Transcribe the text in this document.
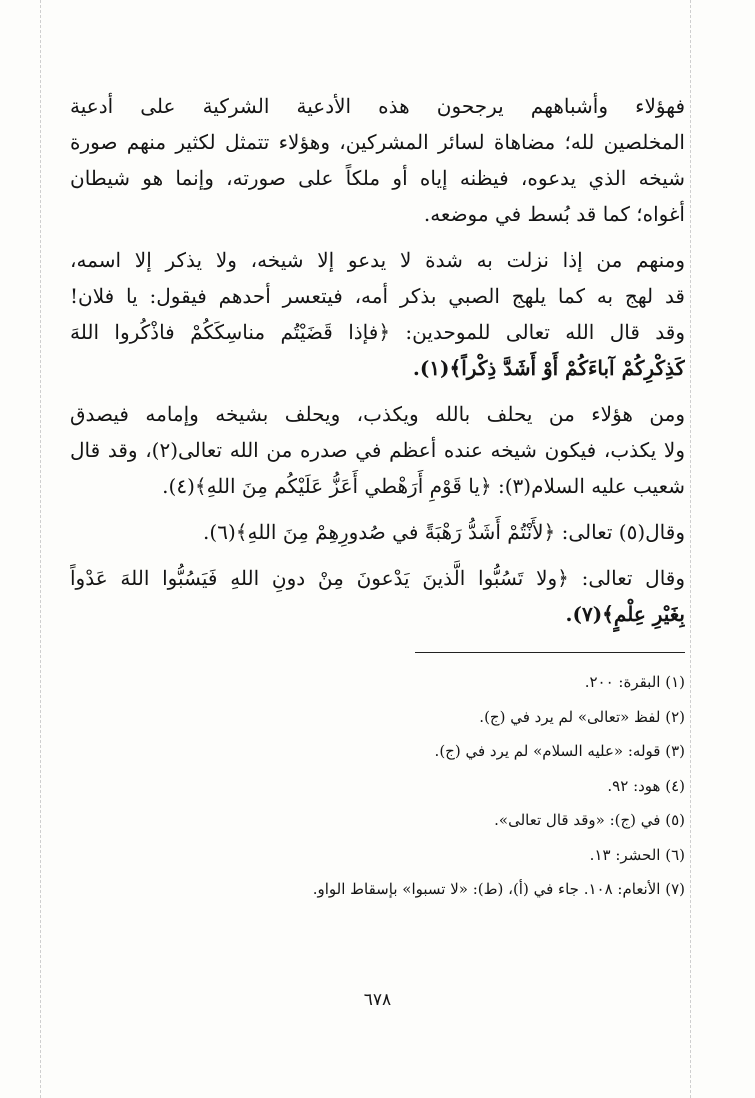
فهؤلاء وأشباههم يرجحون هذه الأدعية الشركية على أدعية

المخلصين لله؛ مضاهاة لسائر المشركين، وهؤلاء تتمثل لكثير منهم صورة

شيخه الذي يدعوه، فيظنه إياه أو ملكاً على صورته، وإنما هو شيطان

أغواه؛ كما قد بُسط في موضعه.

ومنهم من إذا نزلت به شدة لا يدعو إلا شيخه، ولا يذكر إلا اسمه،

قد لهج به كما يلهج الصبي بذكر أمه، فيتعسر أحدهم فيقول: يا فلان!

وقد قال الله تعالى للموحدين: ﴿فإذا قَضَيْتُم مناسِكَكُمْ فاذْكُروا اللهَ

كَذِكْرِكُمْ آباءَكُمْ أَوْ أَشَدَّ ذِكْراً﴾(١).

ومن هؤلاء من يحلف بالله ويكذب، ويحلف بشيخه وإمامه فيصدق

ولا يكذب، فيكون شيخه عنده أعظم في صدره من الله تعالى(٢)، وقد قال

شعيب عليه السلام(٣): ﴿يا قَوْمِ أَرَهْطي أَعَزُّ عَلَيْكُم مِنَ اللهِ﴾(٤).

وقال(٥) تعالى: ﴿لأَنْتُمْ أَشَدُّ رَهْبَةً في صُدورِهِمْ مِنَ اللهِ﴾(٦).

وقال تعالى: ﴿ولا تَسُبُّوا الَّذينَ يَدْعونَ مِنْ دونِ اللهِ فَيَسُبُّوا اللهَ عَدْواً

بِغَيْرِ عِلْمٍ﴾(٧).

(١) البقرة: ٢٠٠.
(٢) لفظ «تعالى» لم يرد في (ج).
(٣) قوله: «عليه السلام» لم يرد في (ج).
(٤) هود: ٩٢.
(٥) في (ج): «وقد قال تعالى».
(٦) الحشر: ١٣.
(٧) الأنعام: ١٠٨. جاء في (أ)، (ط): «لا تسبوا» بإسقاط الواو.
٦٧٨
